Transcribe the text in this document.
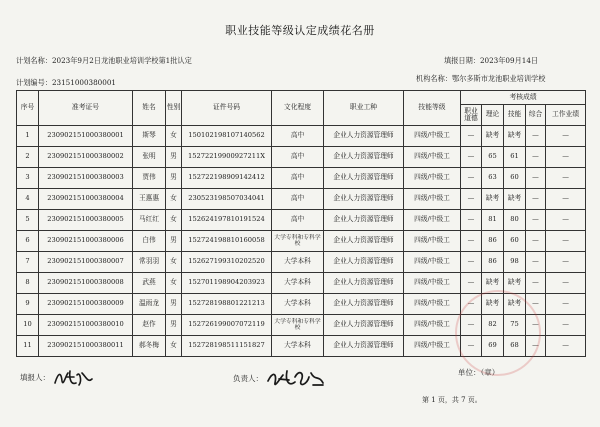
职业技能等级认定成绩花名册
计划名称：2023年9月2日龙池职业培训学校第1批认定	填报日期：2023年09月14日
计划编号：23151000380001	机构名称：鄂尔多斯市龙池职业培训学校
序号	准考证号	姓名	性别	证件号码	文化程度	职业工种	技能等级	考核成绩				
								职业道德	理论	技能	综合	工作业绩
1	230902151000380001	斯琴	女	150102198107140562	高中	企业人力资源管理师	四级/中级工	—	缺考	缺考	—	—
2	230902151000380002	张明	男	15272219900927211X	高中	企业人力资源管理师	四级/中级工	—	65	61	—	—
3	230902151000380003	贾伟	男	152722198909142412	高中	企业人力资源管理师	四级/中级工	—	63	60	—	—
4	230902151000380004	王惠惠	女	230523198507034041	高中	企业人力资源管理师	四级/中级工	—	缺考	缺考	—	—
5	230902151000380005	马红红	女	152624197810191524	高中	企业人力资源管理师	四级/中级工	—	81	80	—	—
6	230902151000380006	白伟	男	152724198810160058	大学专科和专科学校	企业人力资源管理师	四级/中级工	—	86	60	—	—
7	230902151000380007	常羽羽	女	152627199310202520	大学本科	企业人力资源管理师	四级/中级工	—	86	98	—	—
8	230902151000380008	武燕	女	152701198904203923	大学本科	企业人力资源管理师	四级/中级工	—	缺考	缺考	—	—
9	230902151000380009	温雨龙	男	152728198801221213	大学本科	企业人力资源管理师	四级/中级工	—	缺考	缺考	—	—
10	230902151000380010	赵作	男	152726199007072119	大学专科和专科学校	企业人力资源管理师	四级/中级工	—	82	75	—	—
11	230902151000380011	郝冬梅	女	152728198511151827	大学本科	企业人力资源管理师	四级/中级工	—	69	68	—	—
填报人：	负责人：
单位：（章）
第 1 页，共 7 页。
